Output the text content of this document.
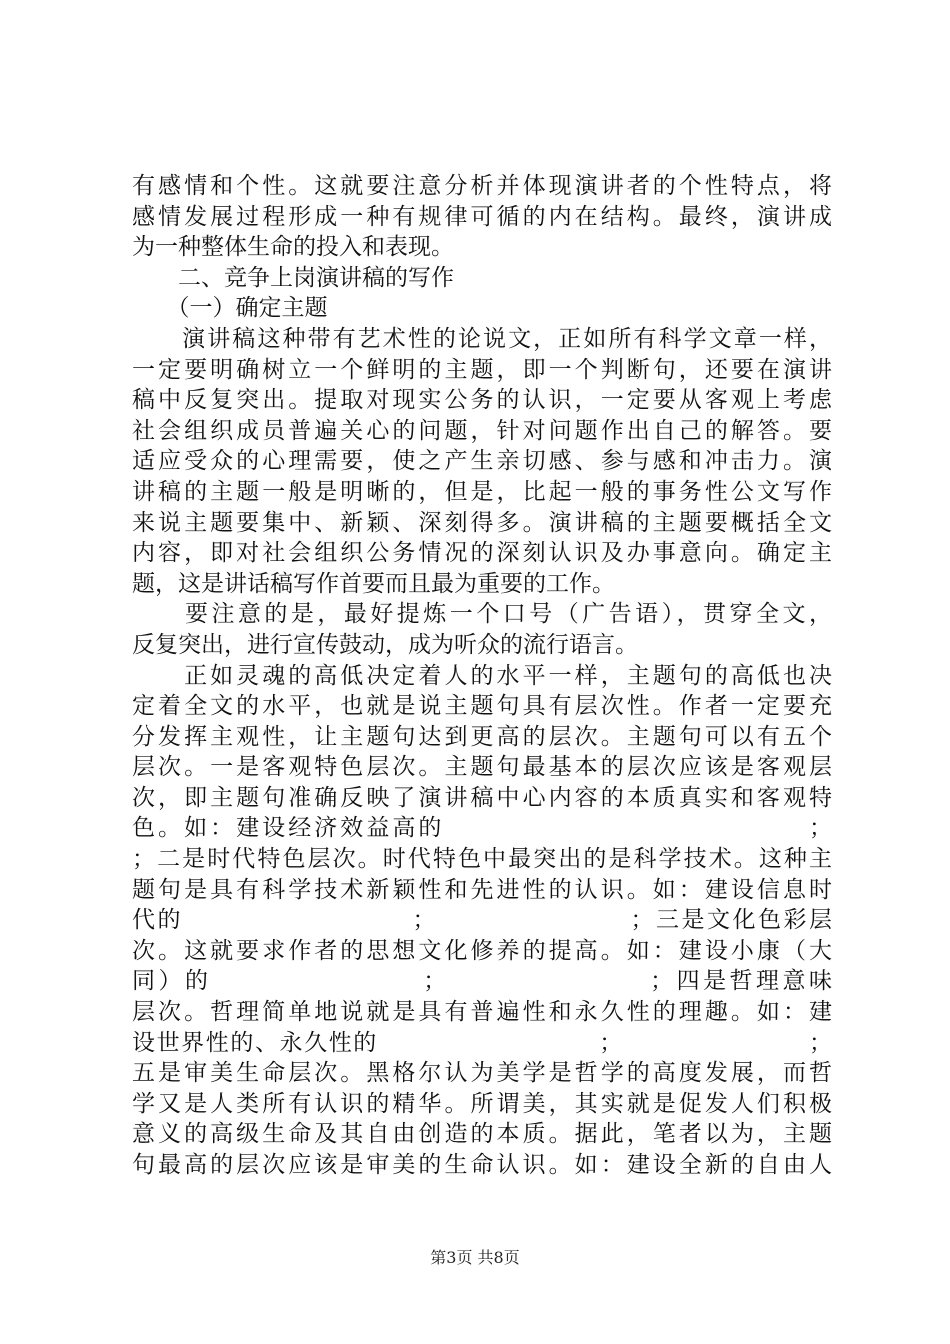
有感情和个性。这就要注意分析并体现演讲者的个性特点，将
感情发展过程形成一种有规律可循的内在结构。最终，演讲成
为一种整体生命的投入和表现。
　　二、竞争上岗演讲稿的写作
　　（一）确定主题
　　演讲稿这种带有艺术性的论说文，正如所有科学文章一样，
一定要明确树立一个鲜明的主题，即一个判断句，还要在演讲
稿中反复突出。提取对现实公务的认识，一定要从客观上考虑
社会组织成员普遍关心的问题，针对问题作出自己的解答。要
适应受众的心理需要，使之产生亲切感、参与感和冲击力。演
讲稿的主题一般是明晰的，但是，比起一般的事务性公文写作
来说主题要集中、新颖、深刻得多。演讲稿的主题要概括全文
内容，即对社会组织公务情况的深刻认识及办事意向。确定主
题，这是讲话稿写作首要而且最为重要的工作。
　　要注意的是，最好提炼一个口号（广告语），贯穿全文，
反复突出，进行宣传鼓动，成为听众的流行语言。
　　正如灵魂的高低决定着人的水平一样，主题句的高低也决
定着全文的水平，也就是说主题句具有层次性。作者一定要充
分发挥主观性，让主题句达到更高的层次。主题句可以有五个
层次。一是客观特色层次。主题句最基本的层次应该是客观层
次，即主题句准确反映了演讲稿中心内容的本质真实和客观特
色。如：建设经济效益高的　　　　　　　　　　　　　　；
；二是时代特色层次。时代特色中最突出的是科学技术。这种主
题句是具有科学技术新颖性和先进性的认识。如：建设信息时
代的　　　　　　　　　；　　　　　　　　；三是文化色彩层
次。这就要求作者的思想文化修养的提高。如：建设小康（大
同）的　　　　　　　　；　　　　　　　　；四是哲理意味
层次。哲理简单地说就是具有普遍性和永久性的理趣。如：建
设世界性的、永久性的　　　　　　　　　；　　　　　　　　；
五是审美生命层次。黑格尔认为美学是哲学的高度发展，而哲
学又是人类所有认识的精华。所谓美，其实就是促发人们积极
意义的高级生命及其自由创造的本质。据此，笔者以为，主题
句最高的层次应该是审美的生命认识。如：建设全新的自由人
第3页 共8页
